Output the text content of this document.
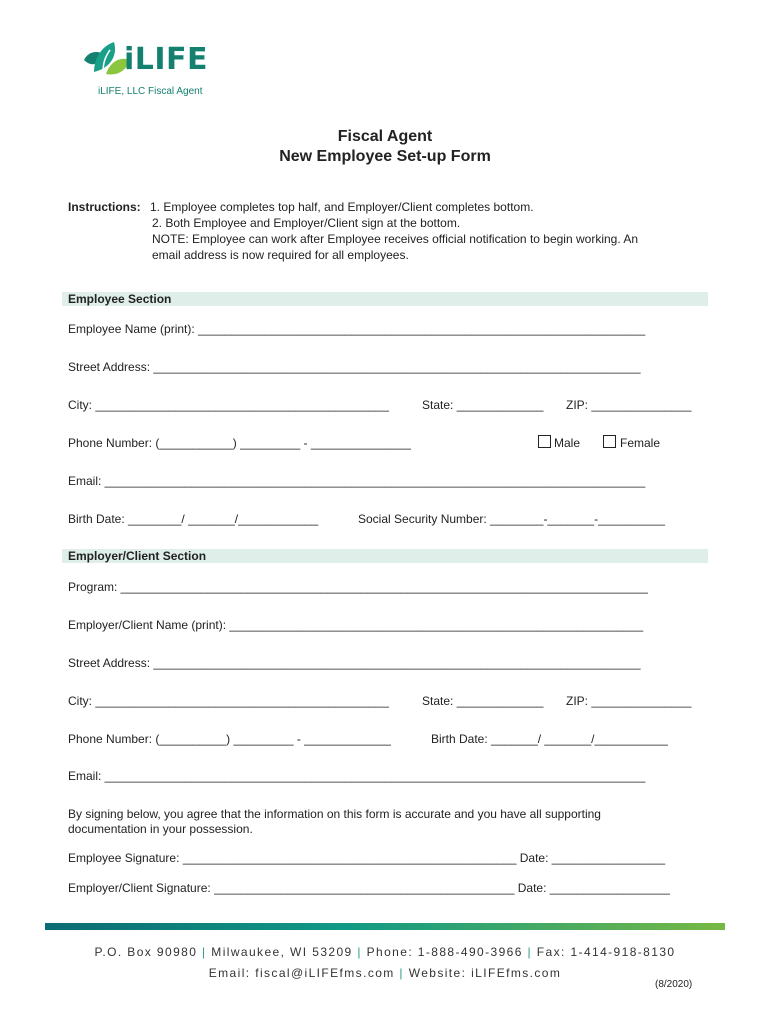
iLIFE
iLIFE, LLC Fiscal Agent
Fiscal Agent
New Employee Set-up Form
Instructions: 1. Employee completes top half, and Employer/Client completes bottom.
2. Both Employee and Employer/Client sign at the bottom.
NOTE: Employee can work after Employee receives official notification to begin working. An
email address is now required for all employees.
Employee Section
Employee Name (print): ___________________________________________________________________
Street Address: _________________________________________________________________________
City: ____________________________________________	State: _____________ ZIP: _______________
Phone Number: (___________) _________ - _______________	Male	Female
Email: _________________________________________________________________________________
Birth Date: ________/ _______/____________	Social Security Number: ________-_______-__________
Employer/Client Section
Program: _______________________________________________________________________________
Employer/Client Name (print): ______________________________________________________________
Street Address: _________________________________________________________________________
City: ____________________________________________	State: _____________ ZIP: _______________
Phone Number: (__________) _________ - _____________	Birth Date: _______/ _______/___________
Email: _________________________________________________________________________________
By signing below, you agree that the information on this form is accurate and you have all supporting documentation in your possession.
Employee Signature: __________________________________________________ Date: _________________
Employer/Client Signature: _____________________________________________ Date: __________________
P.O. Box 90980 | Milwaukee, WI 53209 | Phone: 1-888-490-3966 | Fax: 1-414-918-8130
Email: fiscal@iLIFEfms.com | Website: iLIFEfms.com
(8/2020)
